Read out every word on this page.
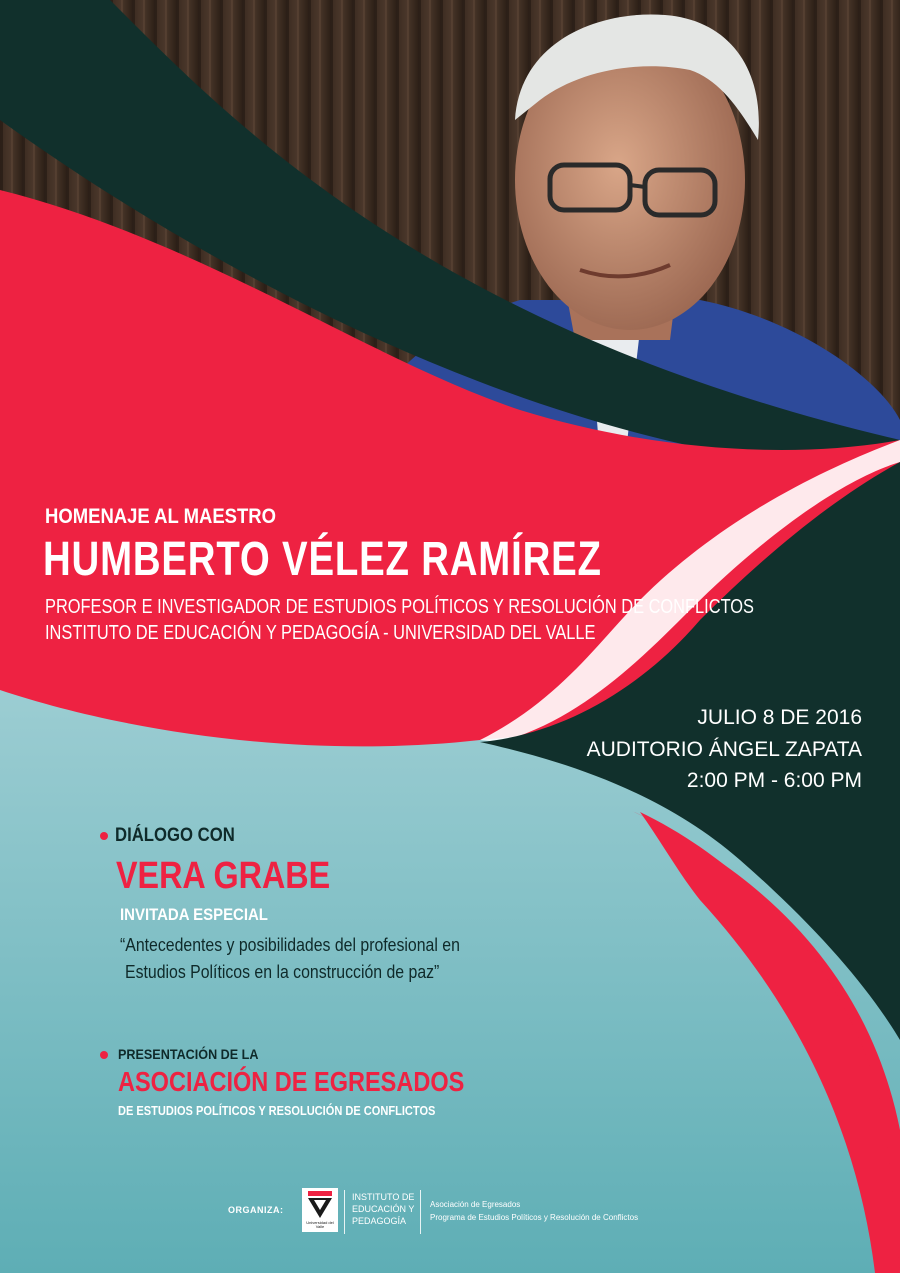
HOMENAJE AL MAESTRO
HUMBERTO VÉLEZ RAMÍREZ
PROFESOR E INVESTIGADOR DE ESTUDIOS POLÍTICOS Y RESOLUCIÓN DE CONFLICTOS
INSTITUTO DE EDUCACIÓN Y PEDAGOGÍA - UNIVERSIDAD DEL VALLE
JULIO 8 DE 2016
AUDITORIO ÁNGEL ZAPATA
2:00 PM - 6:00 PM
DIÁLOGO CON
VERA GRABE
INVITADA ESPECIAL
“Antecedentes y posibilidades del profesional en
Estudios Políticos en la construcción de paz”
PRESENTACIÓN DE LA
ASOCIACIÓN DE EGRESADOS
DE ESTUDIOS POLÍTICOS Y RESOLUCIÓN DE CONFLICTOS
ORGANIZA:
Universidad del Valle
INSTITUTO DE
EDUCACIÓN Y
PEDAGOGÍA
Asociación de Egresados
Programa de Estudios Políticos y Resolución de Conflictos
